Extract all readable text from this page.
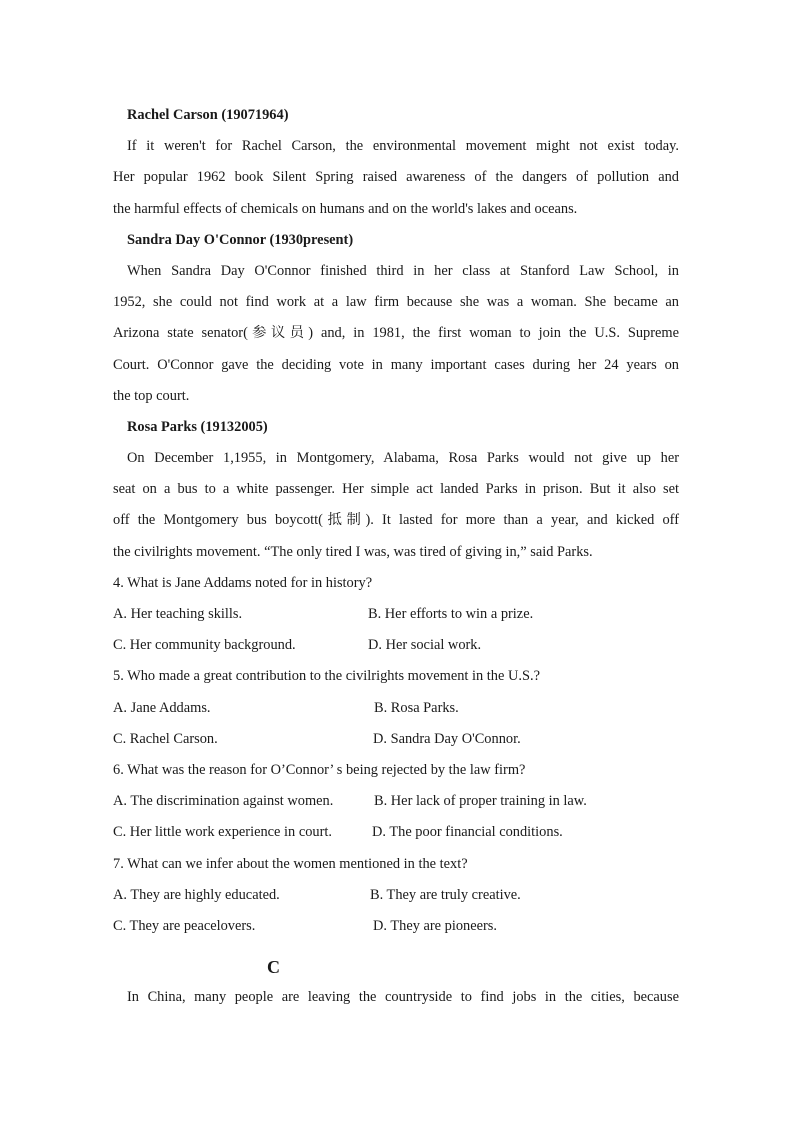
Rachel Carson (19071964)
If it weren't for Rachel Carson, the environmental movement might not exist today.
Her popular 1962 book Silent Spring raised awareness of the dangers of pollution and
the harmful effects of chemicals on humans and on the world's lakes and oceans.
Sandra Day O'Connor (1930present)
When Sandra Day O'Connor finished third in her class at Stanford Law School, in
1952, she could not find work at a law firm because she was a woman. She became an
Arizona state senator(参议员) and, in 1981, the first woman to join the U.S. Supreme
Court. O'Connor gave the deciding vote in many important cases during her 24 years on
the top court.
Rosa Parks (19132005)
On December 1,1955, in Montgomery, Alabama, Rosa Parks would not give up her
seat on a bus to a white passenger. Her simple act landed Parks in prison. But it also set
off the Montgomery bus boycott(抵制). It lasted for more than a year, and kicked off
the civilrights movement. “The only tired I was, was tired of giving in,” said Parks.
4. What is Jane Addams noted for in history?
A. Her teaching skills.	B. Her efforts to win a prize.
C. Her community background.	D. Her social work.
5. Who made a great contribution to the civilrights movement in the U.S.?
A. Jane Addams.	B. Rosa Parks.
C. Rachel Carson.	D. Sandra Day O'Connor.
6. What was the reason for O’Connor’ s being rejected by the law firm?
A. The discrimination against women.	B. Her lack of proper training in law.
C. Her little work experience in court.	D. The poor financial conditions.
7. What can we infer about the women mentioned in the text?
A. They are highly educated.	B. They are truly creative.
C. They are peacelovers.	D. They are pioneers.
C
In China, many people are leaving the countryside to find jobs in the cities, because
